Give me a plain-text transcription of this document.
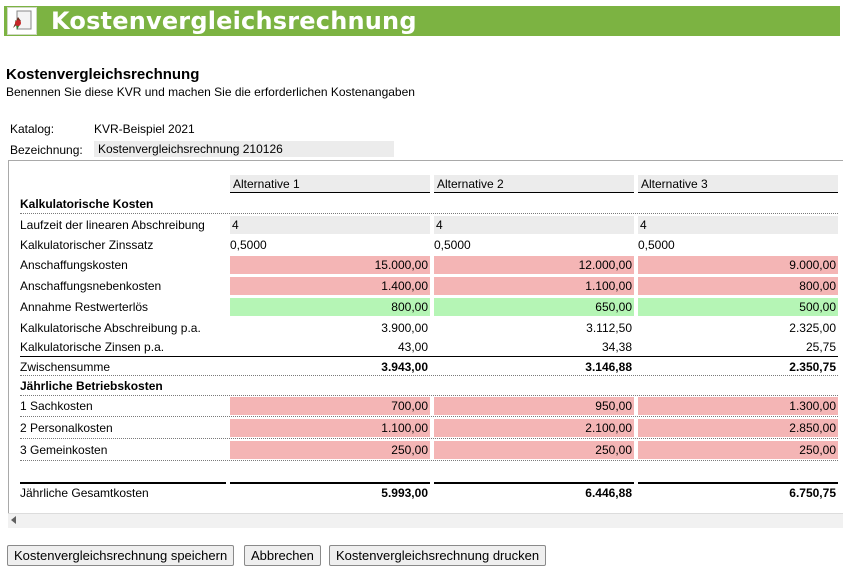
Kostenvergleichsrechnung
Kostenvergleichsrechnung
Benennen Sie diese KVR und machen Sie die erforderlichen Kostenangaben
Katalog:	KVR-Beispiel 2021
Bezeichnung:	Kostenvergleichsrechnung 210126
Alternative 1	Alternative 2	Alternative 3
Kalkulatorische Kosten
Laufzeit der linearen Abschreibung 4	4	4
Kalkulatorischer Zinssatz	0,5000	0,5000	0,5000
Anschaffungskosten	15.000,00	12.000,00	9.000,00
Anschaffungsnebenkosten	1.400,00	1.100,00	800,00
Annahme Restwerterlös	800,00	650,00	500,00
Kalkulatorische Abschreibung p.a.	3.900,00	3.112,50	2.325,00
Kalkulatorische Zinsen p.a.	43,00	34,38	25,75
Zwischensumme	3.943,00	3.146,88	2.350,75
Jährliche Betriebskosten
1 Sachkosten	700,00	950,00	1.300,00
2 Personalkosten	1.100,00	2.100,00	2.850,00
3 Gemeinkosten	250,00	250,00	250,00
Jährliche Gesamtkosten	5.993,00	6.446,88	6.750,75
Kostenvergleichsrechnung speichern	Abbrechen	Kostenvergleichsrechnung drucken
